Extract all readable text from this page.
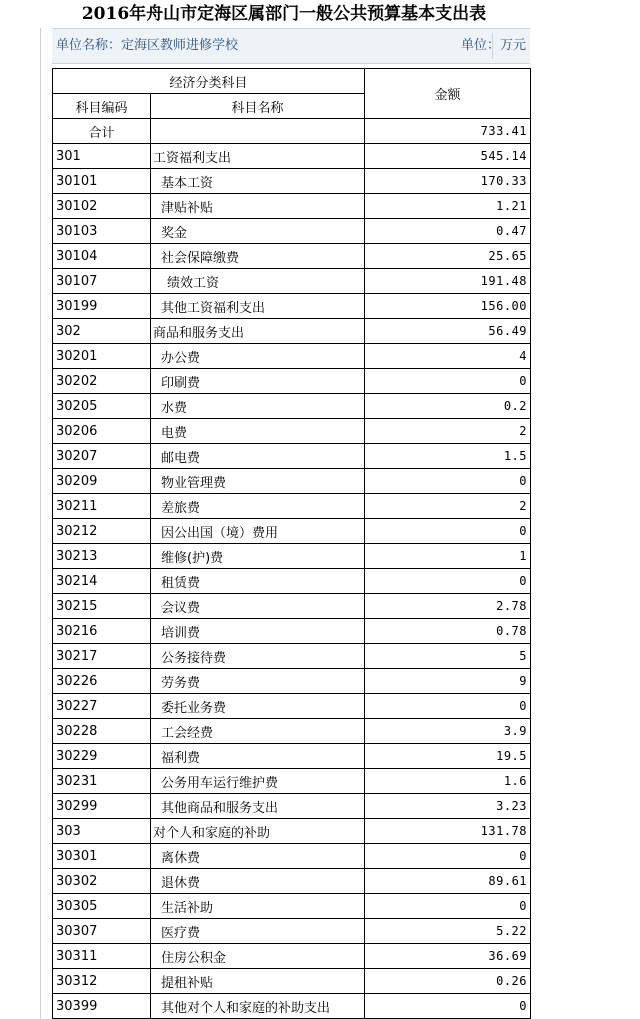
2016年舟山市定海区属部门一般公共预算基本支出表
单位名称：定海区教师进修学校	单位：万元
经济分类科目		金额
科目编码	科目名称	
合计		733.41
301	工资福利支出	545.14
30101	基本工资	170.33
30102	津贴补贴	1.21
30103	奖金	0.47
30104	社会保障缴费	25.65
30107	绩效工资	191.48
30199	其他工资福利支出	156.00
302	商品和服务支出	56.49
30201	办公费	4
30202	印刷费	0
30205	水费	0.2
30206	电费	2
30207	邮电费	1.5
30209	物业管理费	0
30211	差旅费	2
30212	因公出国（境）费用	0
30213	维修(护)费	1
30214	租赁费	0
30215	会议费	2.78
30216	培训费	0.78
30217	公务接待费	5
30226	劳务费	9
30227	委托业务费	0
30228	工会经费	3.9
30229	福利费	19.5
30231	公务用车运行维护费	1.6
30299	其他商品和服务支出	3.23
303	对个人和家庭的补助	131.78
30301	离休费	0
30302	退休费	89.61
30305	生活补助	0
30307	医疗费	5.22
30311	住房公积金	36.69
30312	提租补贴	0.26
30399	其他对个人和家庭的补助支出	0
